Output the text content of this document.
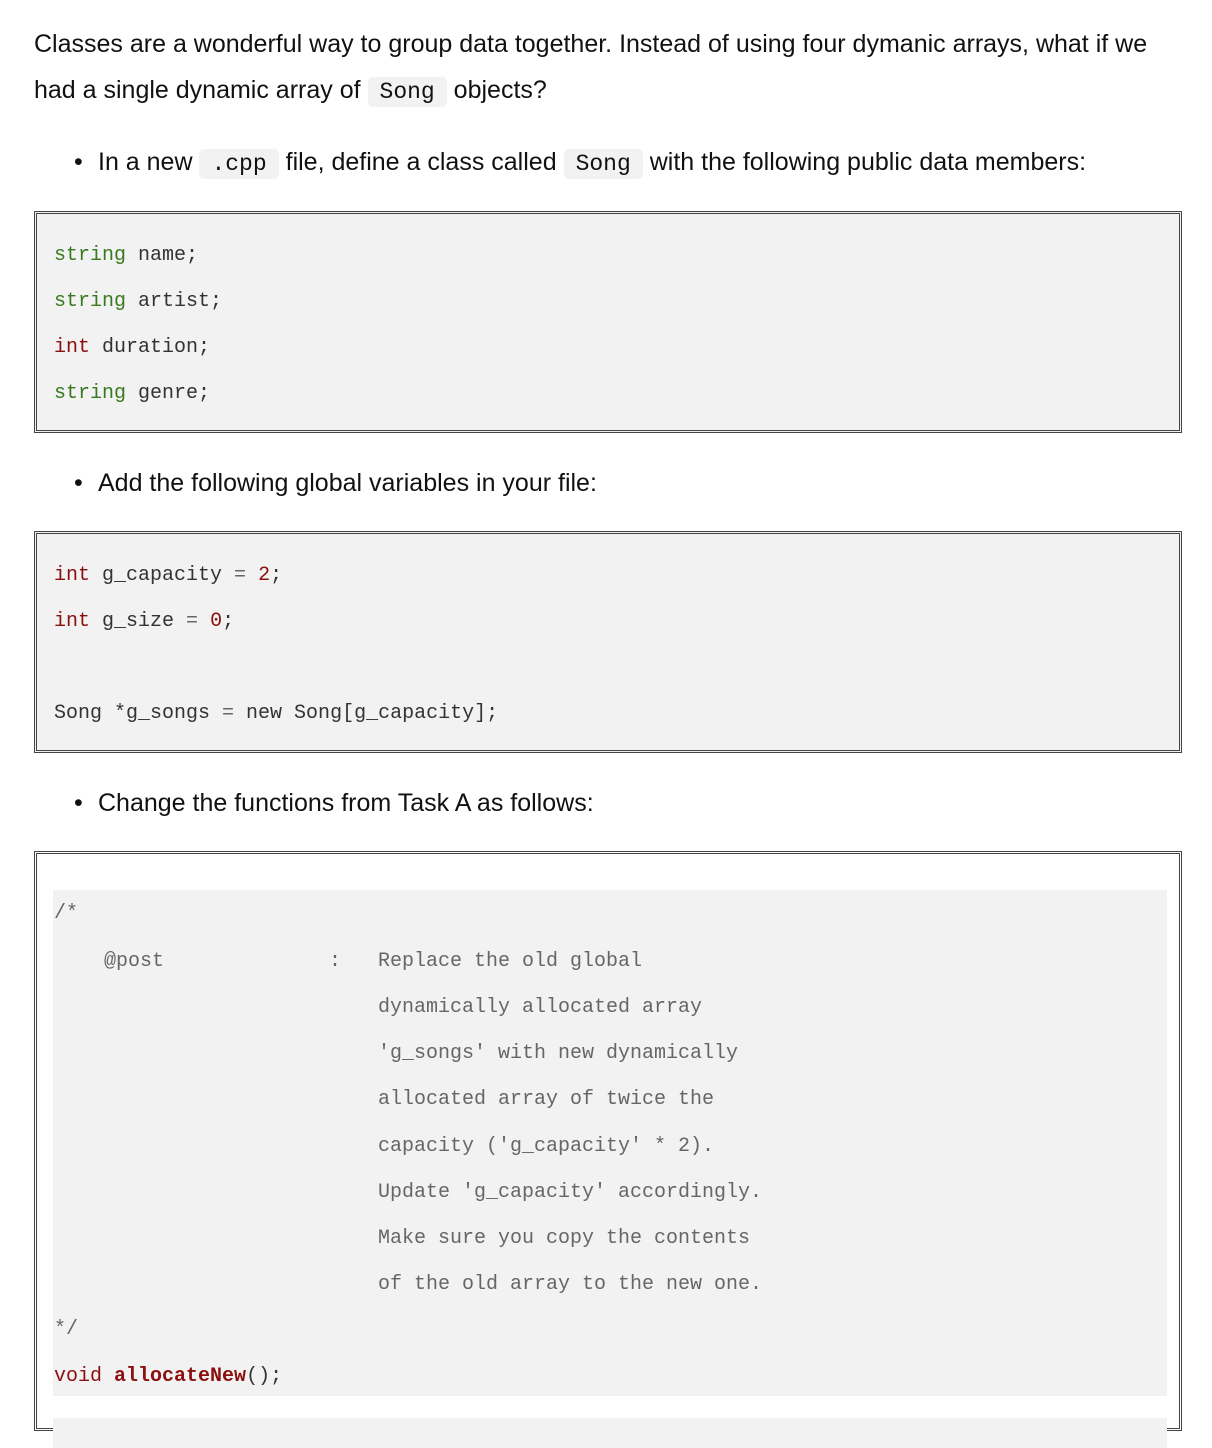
Classes are a wonderful way to group data together. Instead of using four dymanic arrays, what if we had a single dynamic array of Song objects?

• In a new .cpp file, define a class called Song with the following public data members:

string name;
string artist;
int duration;
string genre;

• Add the following global variables in your file:

int g_capacity = 2;
int g_size = 0;
Song *g_songs = new Song[g_capacity];

• Change the functions from Task A as follows:

/*
@post	: Replace the old global
dynamically allocated array
'g_songs' with new dynamically
allocated array of twice the
capacity ('g_capacity' * 2).
Update 'g_capacity' accordingly.
Make sure you copy the contents
of the old array to the new one.
*/
void allocateNew();
